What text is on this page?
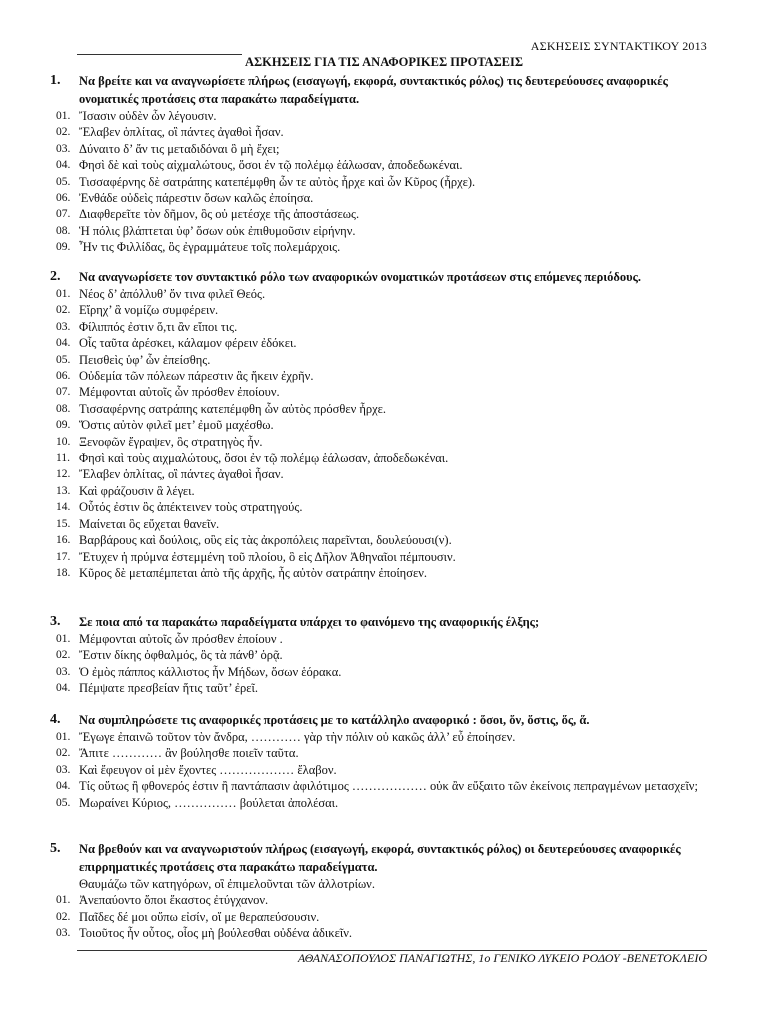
ΑΣΚΗΣΕΙΣ ΣΥΝΤΑΚΤΙΚΟΥ 2013
ΑΣΚΗΣΕΙΣ ΓΙΑ ΤΙΣ ΑΝΑΦΟΡΙΚΕΣ ΠΡΟΤΑΣΕΙΣ
1. Να βρείτε και να αναγνωρίσετε πλήρως (εισαγωγή, εκφορά, συντακτικός ρόλος) τις δευτερεύουσες αναφορικές ονοματικές προτάσεις στα παρακάτω παραδείγματα.
01. Ἴσασιν οὐδὲν ὧν λέγουσιν.
02. Ἔλαβεν ὁπλίτας, οἳ πάντες ἀγαθοὶ ἦσαν.
03. Δύναιτο δ’ ἄν τις μεταδιδόναι ὃ μὴ ἔχει;
04. Φησὶ δὲ καὶ τοὺς αἰχμαλώτους, ὅσοι ἐν τῷ πολέμῳ ἑάλωσαν, ἀποδεδωκέναι.
05. Τισσαφέρνης δὲ σατράπης κατεπέμφθη ὧν τε αὐτὸς ἦρχε καὶ ὧν Κῦρος (ἦρχε).
06. Ἐνθάδε οὐδεὶς πάρεστιν ὅσων καλῶς ἐποίησα.
07. Διαφθερεῖτε τὸν δῆμον, ὃς οὐ μετέσχε τῆς ἀποστάσεως.
08. Ἡ πόλις βλάπτεται ὑφ’ ὅσων οὐκ ἐπιθυμοῦσιν εἰρήνην.
09. Ἦν τις Φιλλίδας, ὃς ἐγραμμάτευε τοῖς πολεμάρχοις.
2. Να αναγνωρίσετε τον συντακτικό ρόλο των αναφορικών ονοματικών προτάσεων στις επόμενες περιόδους.
01. Νέος δ’ ἀπόλλυθ’ ὅν τινα φιλεῖ Θεός.
02. Εἴρηχ’ ἃ νομίζω συμφέρειν.
03. Φίλιππός ἐστιν ὅ,τι ἂν εἴποι τις.
04. Οἷς ταῦτα ἀρέσκει, κάλαμον φέρειν ἐδόκει.
05. Πεισθεὶς ὑφ’ ὧν ἐπείσθης.
06. Οὐδεμία τῶν πόλεων πάρεστιν ἃς ἥκειν ἐχρῆν.
07. Μέμφονται αὐτοῖς ὧν πρόσθεν ἐποίουν.
08. Τισσαφέρνης σατράπης κατεπέμφθη ὧν αὐτὸς πρόσθεν ἦρχε.
09. Ὅστις αὐτὸν φιλεῖ μετ’ ἐμοῦ μαχέσθω.
10. Ξενοφῶν ἔγραψεν, ὃς στρατηγὸς ἦν.
11. Φησὶ καὶ τοὺς αιχμαλώτους, ὅσοι ἐν τῷ πολέμῳ ἑάλωσαν, ἀποδεδωκέναι.
12. Ἔλαβεν ὁπλίτας, οἳ πάντες ἀγαθοὶ ἦσαν.
13. Καὶ φράζουσιν ἃ λέγει.
14. Οὗτός ἐστιν ὃς ἀπέκτεινεν τοὺς στρατηγούς.
15. Μαίνεται ὃς εὔχεται θανεῖν.
16. Βαρβάρους καὶ δούλοις, οὓς εἰς τὰς ἀκροπόλεις παρεῖνται, δουλεύουσι(ν).
17. Ἔτυχεν ἡ πρύμνα ἐστεμμένη τοῦ πλοίου, ὃ εἰς Δῆλον Ἀθηναῖοι πέμπουσιν.
18. Κῦρος δὲ μεταπέμπεται ἀπὸ τῆς ἀρχῆς, ἧς αὐτὸν σατράπην ἐποίησεν.
3. Σε ποια από τα παρακάτω παραδείγματα υπάρχει το φαινόμενο της αναφορικής έλξης;
01. Μέμφονται αὐτοῖς ὧν πρόσθεν ἐποίουν .
02. Ἔστιν δίκης ὀφθαλμός, ὃς τὰ πάνθ’ ὁρᾷ.
03. Ὁ ἐμὸς πάππος κάλλιστος ἦν Μήδων, ὅσων ἑόρακα.
04. Πέμψατε πρεσβείαν ἥτις ταῦτ’ ἐρεῖ.
4. Να συμπληρώσετε τις αναφορικές προτάσεις με το κατάλληλο αναφορικό : ὅσοι, ὅν, ὅστις, ὅς, ἅ.
01. Ἔγωγε ἐπαινῶ τοῦτον τὸν ἄνδρα, ………… γὰρ τὴν πόλιν οὐ κακῶς ἀλλ’ εὖ ἐποίησεν.
02. Ἄπιτε ………… ἂν βούλησθε ποιεῖν ταῦτα.
03. Καὶ ἔφευγον οἱ μὲν ἔχοντες ……………… ἔλαβον.
04. Τίς οὕτως ἢ φθονερός ἐστιν ἢ παντάπασιν ἀφιλότιμος ……………… οὐκ ἂν εὔξαιτο τῶν ἐκείνοις πεπραγμένων μετασχεῖν;
05. Μωραίνει Κύριος, …………… βούλεται ἀπολέσαι.
5. Να βρεθούν και να αναγνωριστούν πλήρως (εισαγωγή, εκφορά, συντακτικός ρόλος) οι δευτερεύουσες αναφορικές επιρρηματικές προτάσεις στα παρακάτω παραδείγματα.
Θαυμάζω τῶν κατηγόρων, οἳ ἐπιμελοῦνται τῶν ἀλλοτρίων.
01. Ἀνεπαύοντο ὅποι ἕκαστος ἐτύγχανον.
02. Παῖδες δέ μοι οὔπω εἰσίν, οἵ με θεραπεύσουσιν.
03. Τοιοῦτος ἦν οὗτος, οἷος μὴ βούλεσθαι οὐδένα ἀδικεῖν.
ΑΘΑΝΑΣΟΠΟΥΛΟΣ ΠΑΝΑΓΙΩΤΗΣ, 1ο ΓΕΝΙΚΟ ΛΥΚΕΙΟ ΡΟΔΟΥ -ΒΕΝΕΤΟΚΛΕΙΟ
